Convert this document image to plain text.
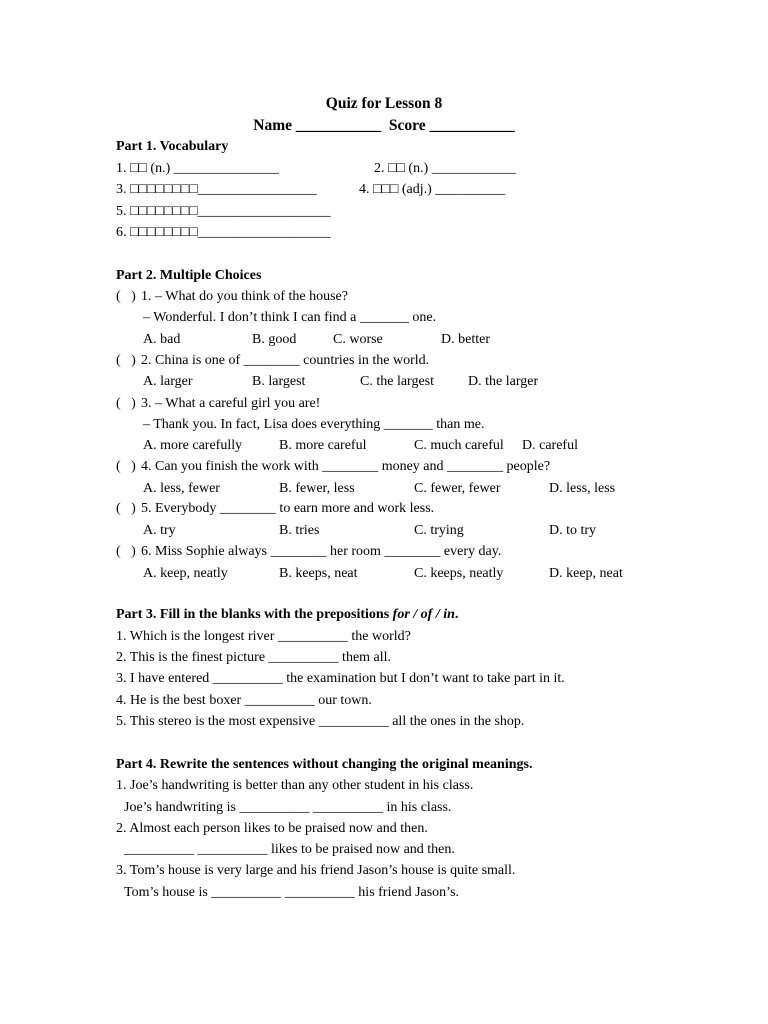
Quiz for Lesson 8
Name ___________  Score ___________
Part 1. Vocabulary
1. □□ (n.) _______________	2. □□ (n.) ____________
3. □□□□□□□□_________________	4. □□□ (adj.) __________
5. □□□□□□□□___________________
6. □□□□□□□□___________________
Part 2. Multiple Choices
(   ) 1. – What do you think of the house?
– Wonderful. I don’t think I can find a _______ one.
A. bad	B. good	C. worse	D. better
(   ) 2. China is one of ________ countries in the world.
A. larger	B. largest	C. the largest D. the larger
(   ) 3. – What a careful girl you are!
– Thank you. In fact, Lisa does everything _______ than me.
A. more carefully	B. more careful	C. much careful D. careful
(   ) 4. Can you finish the work with ________ money and ________ people?
A. less, fewer	B. fewer, less	C. fewer, fewer	D. less, less
(   ) 5. Everybody ________ to earn more and work less.
A. try	B. tries	C. trying	D. to try
(   ) 6. Miss Sophie always ________ her room ________ every day.
A. keep, neatly	B. keeps, neat	C. keeps, neatly	D. keep, neat
Part 3. Fill in the blanks with the prepositions for / of / in.
1. Which is the longest river __________ the world?
2. This is the finest picture __________ them all.
3. I have entered __________ the examination but I don’t want to take part in it.
4. He is the best boxer __________ our town.
5. This stereo is the most expensive __________ all the ones in the shop.
Part 4. Rewrite the sentences without changing the original meanings.
1. Joe’s handwriting is better than any other student in his class.
Joe’s handwriting is __________ __________ in his class.
2. Almost each person likes to be praised now and then.
__________ __________ likes to be praised now and then.
3. Tom’s house is very large and his friend Jason’s house is quite small.
Tom’s house is __________ __________ his friend Jason’s.
